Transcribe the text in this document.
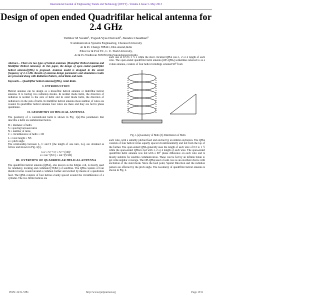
International Journal of Engineering Trends and Technology (IJETT) - Volume 4 Issue 5- May 2013
Design of open ended Quadrifilar helical antenna for
2.4 GHz
Vaibhav M Swami¹, Yogesh Vyas Dwivedi², Jitendra Chaudhari³
¹Communication Systems Engineering, Charusat University
At & Po Changa 388421, Dist.Anand,India
²Director & Prof EC, C. U. Shah University,
At & Po Wadhwan 363030,Dist.Surendranagar,India

Abstract— There are two types of helical antennas (Monofilar Helical Antenna and Multifilar Helical Antenna). In this paper, the design of open ended quadrifilar helical antenna(QHA) is proposed. Antenna model is designed in the center frequency of 2.4 GHz. Results of antenna design parameters and simulation results are presented along with Radiation Pattern, Axial Ratio and Gain.

Keywords— Quadrifilar helical antenna(QHA), Axial Ratio.

I. INTRODUCTION

Helical antenna can be design as a monofilar helical antenna or multifilar helical antenna. It is having two radiation modes. In normal mode helix, the direction of radiation is normal to the axis of helix and in axial mode helix, the direction of radiation is in the axis of helix. In multifilar helical antenna more number of wires are wound. In quadrifilar helical antenna four wires are there and they are fed in phase quadrature.

II. GEOMETRY OF HELICAL ANTENNA

The geometry of a conventional helix is shown in Fig. 1(a).The parameters that describe a helix are summarized below.

D = diameter of helix
S = spacing between turns
N = number of turns
C = circumference of helix = πD
L = total length = NS
α = pitch angle

The relationship between L, C and S (the length of one turn, Lo), are obtained as follow and shown in Fig. 1(b).

Lo² = S² + C² = S² + (πD)²
α = tan⁻¹(S/C) = tan⁻¹(S/πD)
III. OVERVIEW OF QUADRIFILAR HELICAL ANTENNA

The quadrifilar helical antenna (QHA), also known as the Kilgus coil, is mostly used for telemetry, tracking and command (TT&C) of satellites. The QHA consists of four identical wires wound around a common former and excited by means of a quadrature feed. The QHA consists of four helices evenly spaced around the circumference of a cylinder. The two bifilar helices are

each one of 0.5 to 1 ½ λ while the short circuited QHA was 1, 2 or 4 length of each wire. The open-ended quadrifilar helix antenna (OE-QHA) sometimes referred to as a volute antenna, consists of four helical windings oriented 90° from

Fig. 1.(a)Geometry of Helix (b) Distribution of Helix

each wire, with a suitably pitched feed and excited by an similar excitation. The QHA consists of four helical wires equally spaced circumferentially and fed from the top of the former. The open ended QHA generally uses the length of each wire of 0.5 to 1 ½ while the open-ended QHA is fed with 1, 2 or 4 length of each wire. The open-ended quadrifilar helix antenna was fed with a 90° phase difference on each wire and is mostly suitable for satellite communication. These can be fed by an infinite balun to get wide angular coverage. The OE-QHA used a foam core as an excellent choice with excitation of the axial mode. Since the feed point, Spatial Direction and the radiation pattern are affected by the pitch angle. The Geometry of quadrifilar helical antenna is shown in Fig. 2.

ISSN: 2231-5381	http://www.ijettjournal.org	Page 1531
